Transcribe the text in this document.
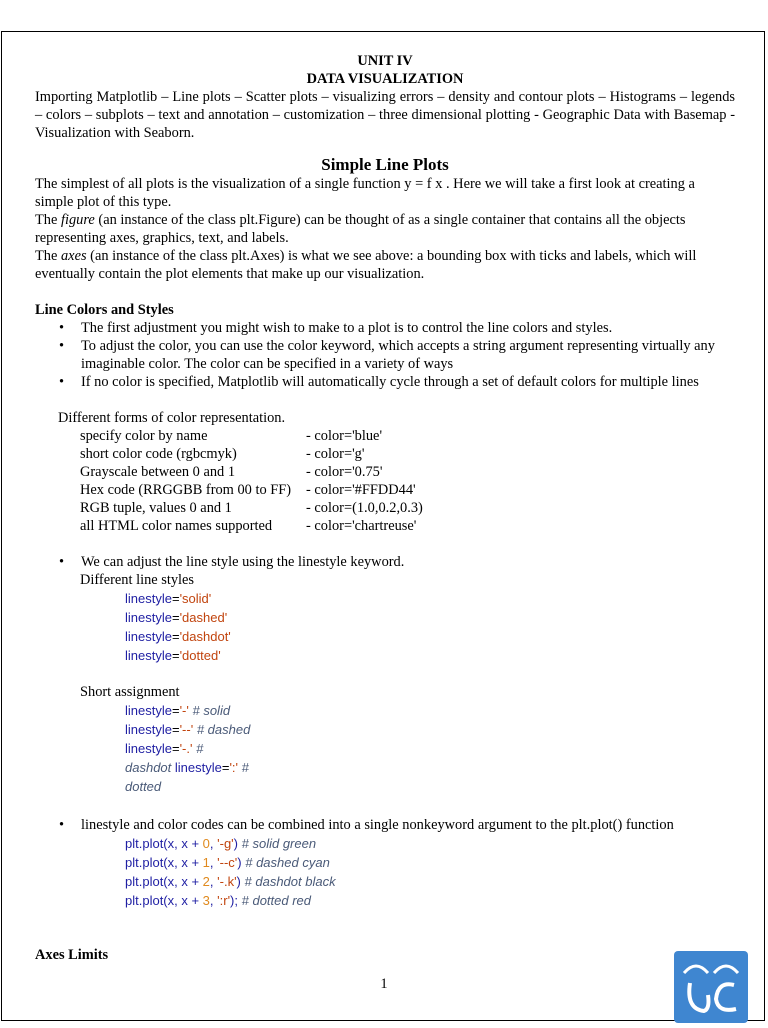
UNIT IV

DATA VISUALIZATION

Importing Matplotlib – Line plots – Scatter plots – visualizing errors – density and contour plots – Histograms – legends – colors – subplots – text and annotation – customization – three dimensional plotting - Geographic Data with Basemap - Visualization with Seaborn.

Simple Line Plots

The simplest of all plots is the visualization of a single function y = f x . Here we will take a first look at creating a simple plot of this type.

The figure (an instance of the class plt.Figure) can be thought of as a single container that contains all the objects representing axes, graphics, text, and labels.

The axes (an instance of the class plt.Axes) is what we see above: a bounding box with ticks and labels, which will eventually contain the plot elements that make up our visualization.

Line Colors and Styles

• The first adjustment you might wish to make to a plot is to control the line colors and styles.
• To adjust the color, you can use the color keyword, which accepts a string argument representing virtually any imaginable color. The color can be specified in a variety of ways
• If no color is specified, Matplotlib will automatically cycle through a set of default colors for multiple lines

Different forms of color representation.

specify color by name	- color='blue'
short color code (rgbcmyk)	- color='g'
Grayscale between 0 and 1	- color='0.75'
Hex code (RRGGBB from 00 to FF)	- color='#FFDD44'
RGB tuple, values 0 and 1	- color=(1.0,0.2,0.3)
all HTML color names supported	- color='chartreuse'
• We can adjust the line style using the linestyle keyword.

Different line styles

linestyle='solid'
linestyle='dashed'
linestyle='dashdot'
linestyle='dotted'

Short assignment

linestyle='-' # solid
linestyle='--' # dashed
linestyle='-.' #
dashdot linestyle=':' #
dotted
• linestyle and color codes can be combined into a single nonkeyword argument to the plt.plot() function
plt.plot(x, x + 0, '-g') # solid green
plt.plot(x, x + 1, '--c') # dashed cyan
plt.plot(x, x + 2, '-.k') # dashdot black
plt.plot(x, x + 3, ':r'); # dotted red

Axes Limits

1
